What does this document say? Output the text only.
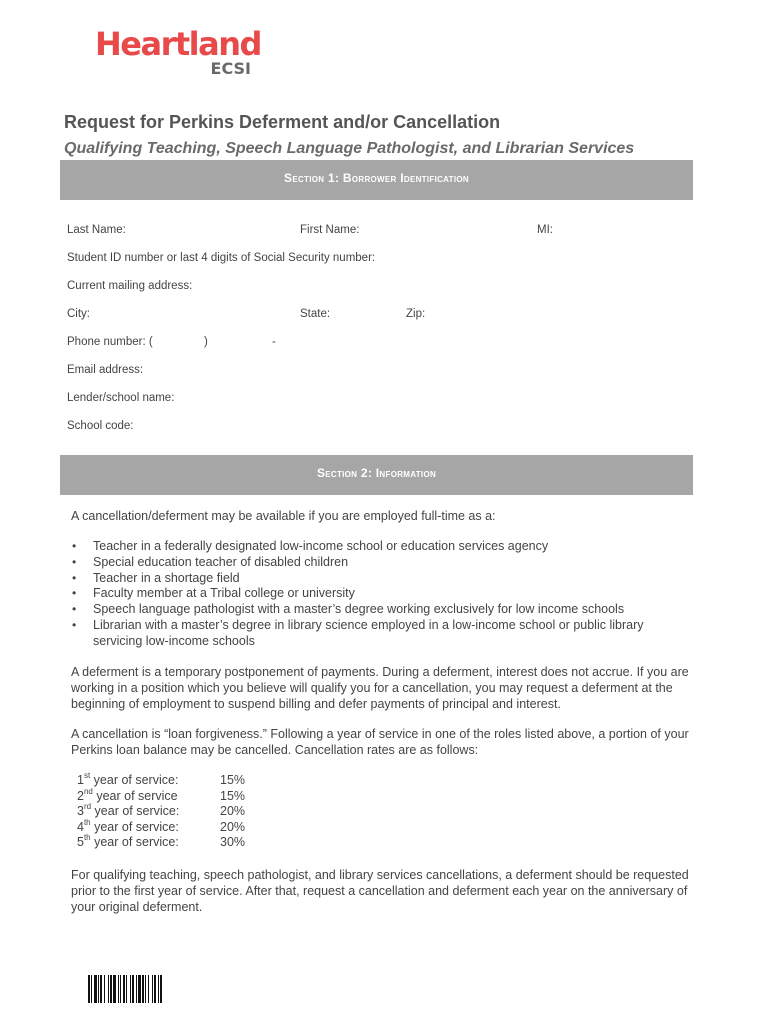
Heartland
ECSI
Request for Perkins Deferment and/or Cancellation
Qualifying Teaching, Speech Language Pathologist, and Librarian Services
Section 1: Borrower Identification
Last Name:	First Name:	MI:
Student ID number or last 4 digits of Social Security number:
Current mailing address:
City:	State:	Zip:
Phone number: (	)	-
Email address:
Lender/school name:
School code:
Section 2: Information
A cancellation/deferment may be available if you are employed full-time as a:
• Teacher in a federally designated low-income school or education services agency
• Special education teacher of disabled children
• Teacher in a shortage field
• Faculty member at a Tribal college or university
• Speech language pathologist with a master’s degree working exclusively for low income schools
• Librarian with a master’s degree in library science employed in a low-income school or public library servicing low-income schools
A deferment is a temporary postponement of payments. During a deferment, interest does not accrue. If you are working in a position which you believe will qualify you for a cancellation, you may request a deferment at the beginning of employment to suspend billing and defer payments of principal and interest.
A cancellation is “loan forgiveness.” Following a year of service in one of the roles listed above, a portion of your Perkins loan balance may be cancelled. Cancellation rates are as follows:
1st year of service:	15%
2nd year of service	15%
3rd year of service:	20%
4th year of service:	20%
5th year of service:	30%
For qualifying teaching, speech pathologist, and library services cancellations, a deferment should be requested prior to the first year of service. After that, request a cancellation and deferment each year on the anniversary of your original deferment.
